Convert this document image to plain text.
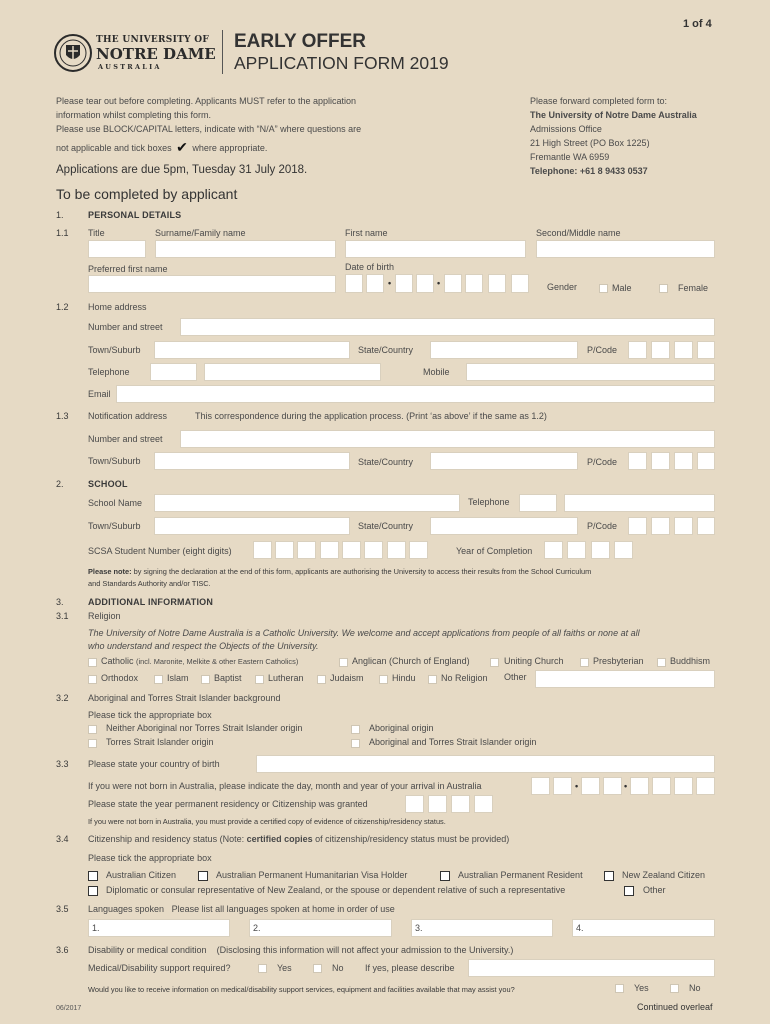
1 of 4
THE UNIVERSITY OF
NOTRE DAME
A U S T R A L I A
EARLY OFFER
APPLICATION FORM 2019
Please tear out before completing. Applicants MUST refer to the application
information whilst completing this form.
Please use BLOCK/CAPITAL letters, indicate with “N/A” where questions are
not applicable and tick boxes ✔ where appropriate.
Applications are due 5pm, Tuesday 31 July 2018.
Please forward completed form to:
The University of Notre Dame Australia
Admissions Office
21 High Street (PO Box 1225)
Fremantle WA 6959
Telephone: +61 8 9433 0537
To be completed by applicant
1.	PERSONAL DETAILS
1.1 Title	Surname/Family name	First name	Second/Middle name
Preferred first name	Date of birth
•	•	Gender	Male	Female
1.2 Home address
Number and street
Town/Suburb	State/Country	P/Code
Telephone	Mobile
Email
1.3 Notification address	This correspondence during the application process. (Print ‘as above’ if the same as 1.2)
Number and street
Town/Suburb	State/Country	P/Code
2.	SCHOOL
School Name	Telephone
Town/Suburb	State/Country	P/Code
SCSA Student Number (eight digits)	Year of Completion
Please note: by signing the declaration at the end of this form, applicants are authorising the University to access their results from the School Curriculum
and Standards Authority and/or TISC.
3.	ADDITIONAL INFORMATION
3.1 Religion
The University of Notre Dame Australia is a Catholic University. We welcome and accept applications from people of all faiths or none at all
who understand and respect the Objects of the University.
Catholic (incl. Maronite, Melkite & other Eastern Catholics)	Anglican (Church of England)	Uniting Church	Presbyterian	Buddhism
Orthodox	Islam	Baptist	Lutheran	Judaism	Hindu	No Religion Other
3.2 Aboriginal and Torres Strait Islander background
Please tick the appropriate box
Neither Aboriginal nor Torres Strait Islander origin	Aboriginal origin
Torres Strait Islander origin	Aboriginal and Torres Strait Islander origin
3.3 Please state your country of birth
If you were not born in Australia, please indicate the day, month and year of your arrival in Australia	•	•
Please state the year permanent residency or Citizenship was granted
If you were not born in Australia, you must provide a certified copy of evidence of citizenship/residency status.
3.4 Citizenship and residency status (Note: certified copies of citizenship/residency status must be provided)
Please tick the appropriate box
Australian Citizen	Australian Permanent Humanitarian Visa Holder	Australian Permanent Resident	New Zealand Citizen
Diplomatic or consular representative of New Zealand, or the spouse or dependent relative of such a representative	Other
3.5 Languages spoken Please list all languages spoken at home in order of use
1.	2.	3.	4.
3.6 Disability or medical condition (Disclosing this information will not affect your admission to the University.)
Medical/Disability support required?	Yes	No If yes, please describe
Would you like to receive information on medical/disability support services, equipment and facilities available that may assist you?	Yes	No
06/2017	Continued overleaf
